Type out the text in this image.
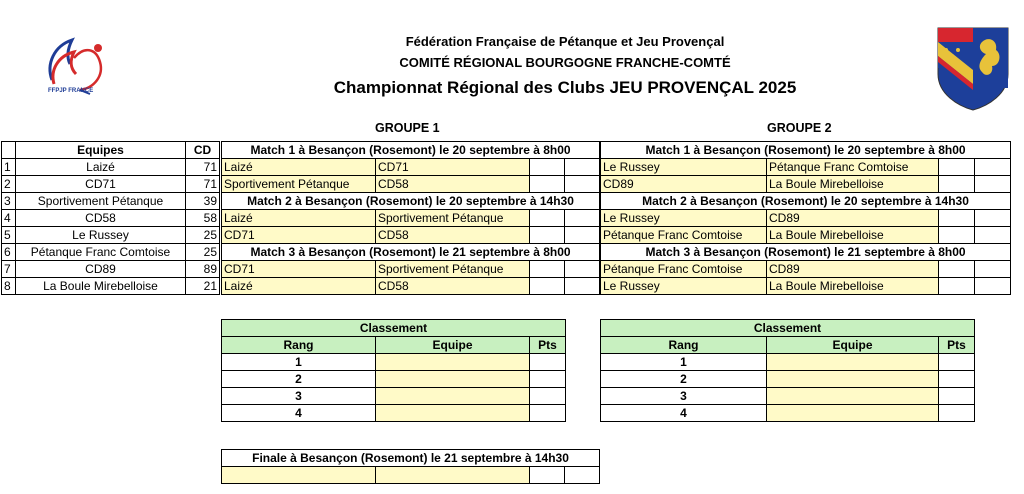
FFPJP FRANCE
Fédération Française de Pétanque et Jeu Provençal
COMITÉ RÉGIONAL BOURGOGNE FRANCHE-COMTÉ
Championnat Régional des Clubs JEU PROVENÇAL 2025
GROUPE 1	GROUPE 2
	Equipes	CD
1	Laizé	71
2	CD71	71
3	Sportivement Pétanque	39
4	CD58	58
5	Le Russey	25
6	Pétanque Franc Comtoise	25
7	CD89	89
8	La Boule Mirebelloise	21
Match 1 à Besançon (Rosemont) le 20 septembre à 8h00			
Laizé	CD71		
Sportivement Pétanque	CD58		
Match 2 à Besançon (Rosemont) le 20 septembre à 14h30			
Laizé	Sportivement Pétanque		
CD71	CD58		
Match 3 à Besançon (Rosemont) le 21 septembre à 8h00			
CD71	Sportivement Pétanque		
Laizé	CD58		
Match 1 à Besançon (Rosemont) le 20 septembre à 8h00			
Le Russey	Pétanque Franc Comtoise		
CD89	La Boule Mirebelloise		
Match 2 à Besançon (Rosemont) le 20 septembre à 14h30			
Le Russey	CD89		
Pétanque Franc Comtoise	La Boule Mirebelloise		
Match 3 à Besançon (Rosemont) le 21 septembre à 8h00			
Pétanque Franc Comtoise	CD89		
Le Russey	La Boule Mirebelloise		
Classement		
Rang	Equipe	Pts
1		
2		
3		
4		
Classement		
Rang	Equipe	Pts
1		
2		
3		
4		
Finale à Besançon (Rosemont) le 21 septembre à 14h30
